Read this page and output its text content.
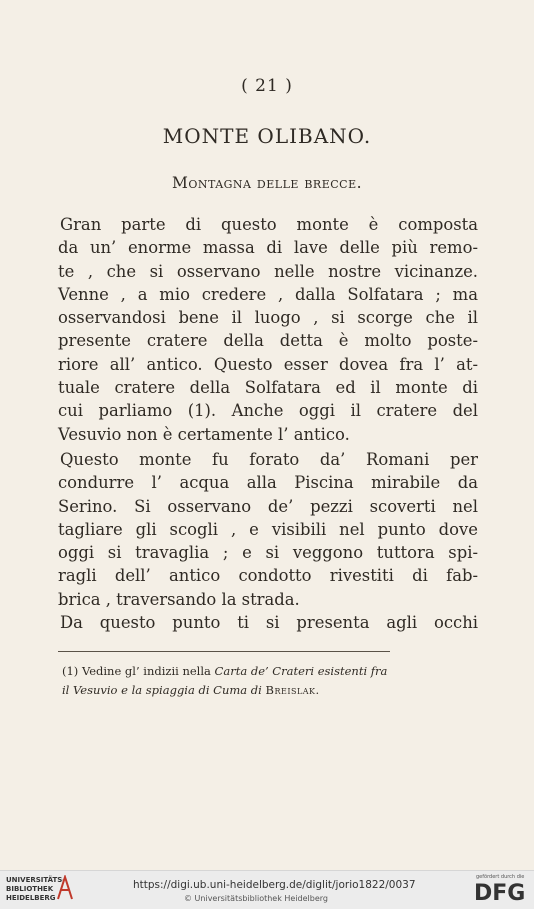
( 21 )
MONTE OLIBANO.
Montagna delle brecce.
Gran parte di questo monte è composta
da un’ enorme massa di lave delle più remo-
te , che si osservano nelle nostre vicinanze.
Venne , a mio credere , dalla Solfatara ; ma
osservandosi bene il luogo , si scorge che il
presente cratere della detta è molto poste-
riore all’ antico. Questo esser dovea fra l’ at-
tuale cratere della Solfatara ed il monte di
cui parliamo (1). Anche oggi il cratere del
Vesuvio non è certamente l’ antico.
Questo monte fu forato da’ Romani per
condurre l’ acqua alla Piscina mirabile da
Serino. Si osservano de’ pezzi scoverti nel
tagliare gli scogli , e visibili nel punto dove
oggi si travaglia ; e si veggono tuttora spi-
ragli dell’ antico condotto rivestiti di fab-
brica , traversando la strada.
Da questo punto ti si presenta agli occhi
(1) Vedine gl’ indizii nella Carta de’ Crateri esistenti fra
il Vesuvio e la spiaggia di Cuma di Breislak.
UNIVERSITÄTS-
BIBLIOTHEK
HEIDELBERG
https://digi.ub.uni-heidelberg.de/diglit/jorio1822/0037
© Universitätsbibliothek Heidelberg
gefördert durch die
DFG
